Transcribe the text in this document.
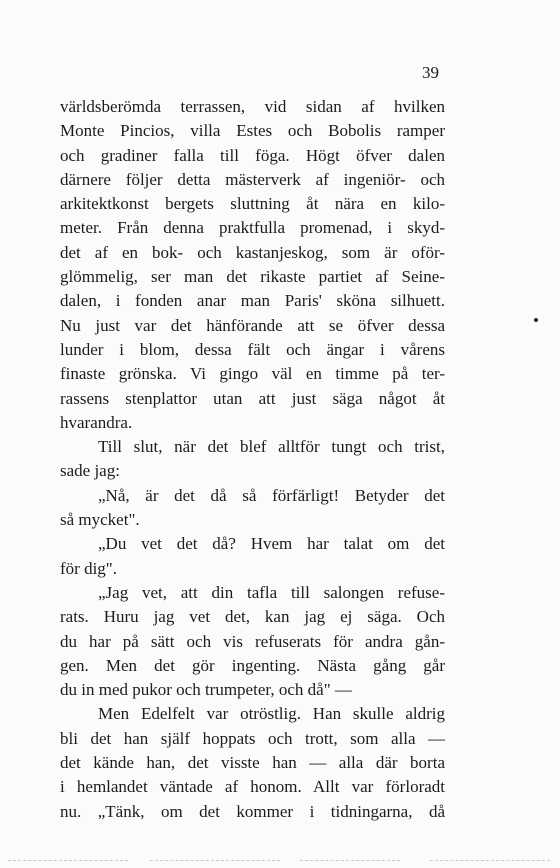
39
världsberömda terrassen, vid sidan af hvilken
Monte Pincios, villa Estes och Bobolis ramper
och gradiner falla till föga. Högt öfver dalen
därnere följer detta mästerverk af ingeniör- och
arkitektkonst bergets sluttning åt nära en kilo-
meter. Från denna praktfulla promenad, i skyd-
det af en bok- och kastanjeskog, som är oför-
glömmelig, ser man det rikaste partiet af Seine-
dalen, i fonden anar man Paris' sköna silhuett.
Nu just var det hänförande att se öfver dessa
lunder i blom, dessa fält och ängar i vårens
finaste grönska. Vi gingo väl en timme på ter-
rassens stenplattor utan att just säga något åt
hvarandra.
Till slut, när det blef alltför tungt och trist,
sade jag:
„Nå, är det då så förfärligt! Betyder det
så mycket".
„Du vet det då? Hvem har talat om det
för dig".
„Jag vet, att din tafla till salongen refuse-
rats. Huru jag vet det, kan jag ej säga. Och
du har på sätt och vis refuserats för andra gån-
gen. Men det gör ingenting. Nästa gång går
du in med pukor och trumpeter, och då" —
Men Edelfelt var otröstlig. Han skulle aldrig
bli det han själf hoppats och trott, som alla —
det kände han, det visste han — alla där borta
i hemlandet väntade af honom. Allt var förloradt
nu. „Tänk, om det kommer i tidningarna, då
